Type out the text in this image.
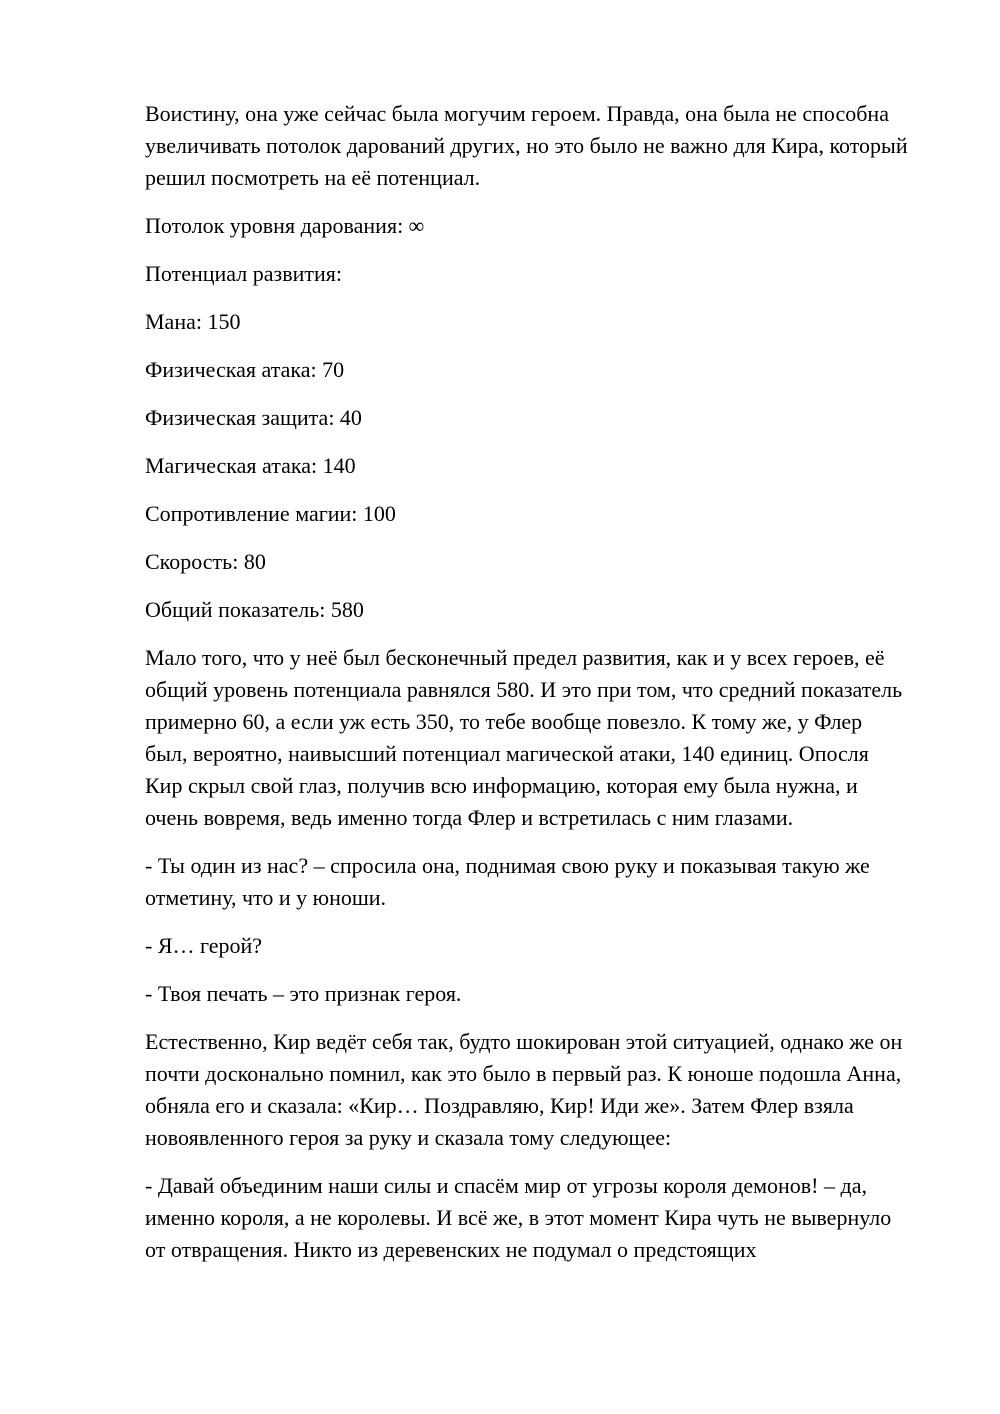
Воистину, она уже сейчас была могучим героем. Правда, она была не способна увеличивать потолок дарований других, но это было не важно для Кира, который решил посмотреть на её потенциал.

Потолок уровня дарования: ∞

Потенциал развития:

Мана: 150

Физическая атака: 70

Физическая защита: 40

Магическая атака: 140

Сопротивление магии: 100

Скорость: 80

Общий показатель: 580

Мало того, что у неё был бесконечный предел развития, как и у всех героев, её общий уровень потенциала равнялся 580. И это при том, что средний показатель примерно 60, а если уж есть 350, то тебе вообще повезло. К тому же, у Флер был, вероятно, наивысший потенциал магической атаки, 140 единиц. Опосля Кир скрыл свой глаз, получив всю информацию, которая ему была нужна, и очень вовремя, ведь именно тогда Флер и встретилась с ним глазами.

- Ты один из нас? – спросила она, поднимая свою руку и показывая такую же отметину, что и у юноши.

- Я… герой?

- Твоя печать – это признак героя.

Естественно, Кир ведёт себя так, будто шокирован этой ситуацией, однако же он почти досконально помнил, как это было в первый раз. К юноше подошла Анна, обняла его и сказала: «Кир… Поздравляю, Кир! Иди же». Затем Флер взяла новоявленного героя за руку и сказала тому следующее:

- Давай объединим наши силы и спасём мир от угрозы короля демонов! – да, именно короля, а не королевы. И всё же, в этот момент Кира чуть не вывернуло от отвращения. Никто из деревенских не подумал о предстоящих
